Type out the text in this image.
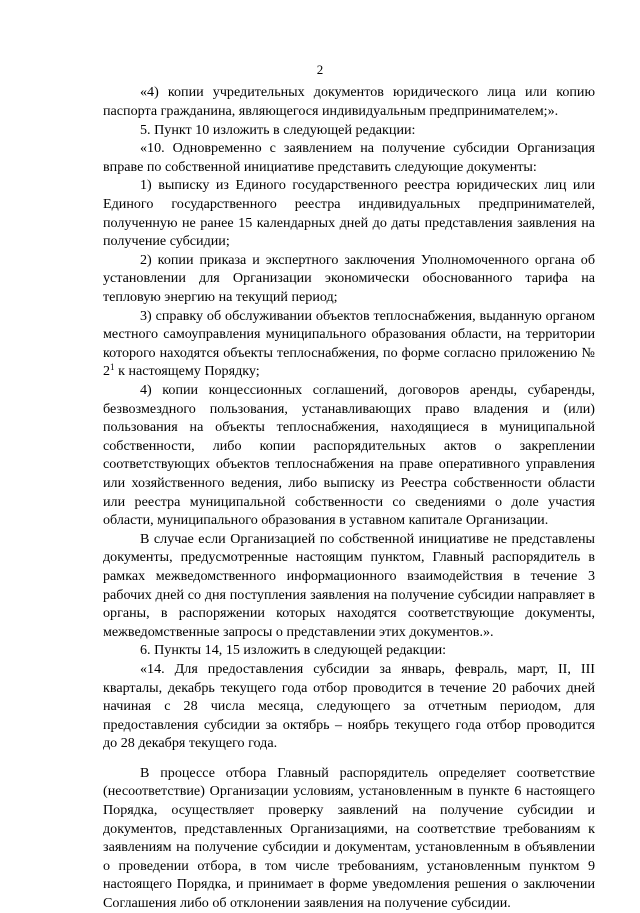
2

«4) копии учредительных документов юридического лица или копию паспорта гражданина, являющегося индивидуальным предпринимателем;».

5. Пункт 10 изложить в следующей редакции:

«10. Одновременно с заявлением на получение субсидии Организация вправе по собственной инициативе представить следующие документы:

1) выписку из Единого государственного реестра юридических лиц или Единого государственного реестра индивидуальных предпринимателей, полученную не ранее 15 календарных дней до даты представления заявления на получение субсидии;

2) копии приказа и экспертного заключения Уполномоченного органа об установлении для Организации экономически обоснованного тарифа на тепловую энергию на текущий период;

3) справку об обслуживании объектов теплоснабжения, выданную органом местного самоуправления муниципального образования области, на территории которого находятся объекты теплоснабжения, по форме согласно приложению № $2^1$ к настоящему Порядку;

4) копии концессионных соглашений, договоров аренды, субаренды, безвозмездного пользования, устанавливающих право владения и (или) пользования на объекты теплоснабжения, находящиеся в муниципальной собственности, либо копии распорядительных актов о закреплении соответствующих объектов теплоснабжения на праве оперативного управления или хозяйственного ведения, либо выписку из Реестра собственности области или реестра муниципальной собственности со сведениями о доле участия области, муниципального образования в уставном капитале Организации.

В случае если Организацией по собственной инициативе не представлены документы, предусмотренные настоящим пунктом, Главный распорядитель в рамках межведомственного информационного взаимодействия в течение 3 рабочих дней со дня поступления заявления на получение субсидии направляет в органы, в распоряжении которых находятся соответствующие документы, межведомственные запросы о представлении этих документов.».

6. Пункты 14, 15 изложить в следующей редакции:

«14. Для предоставления субсидии за январь, февраль, март, II, III кварталы, декабрь текущего года отбор проводится в течение 20 рабочих дней начиная с 28 числа месяца, следующего за отчетным периодом, для предоставления субсидии за октябрь – ноябрь текущего года отбор проводится до 28 декабря текущего года.

В процессе отбора Главный распорядитель определяет соответствие (несоответствие) Организации условиям, установленным в пункте 6 настоящего Порядка, осуществляет проверку заявлений на получение субсидии и документов, представленных Организациями, на соответствие требованиям к заявлениям на получение субсидии и документам, установленным в объявлении о проведении отбора, в том числе требованиям, установленным пунктом 9 настоящего Порядка, и принимает в форме уведомления решения о заключении Соглашения либо об отклонении заявления на получение субсидии.
